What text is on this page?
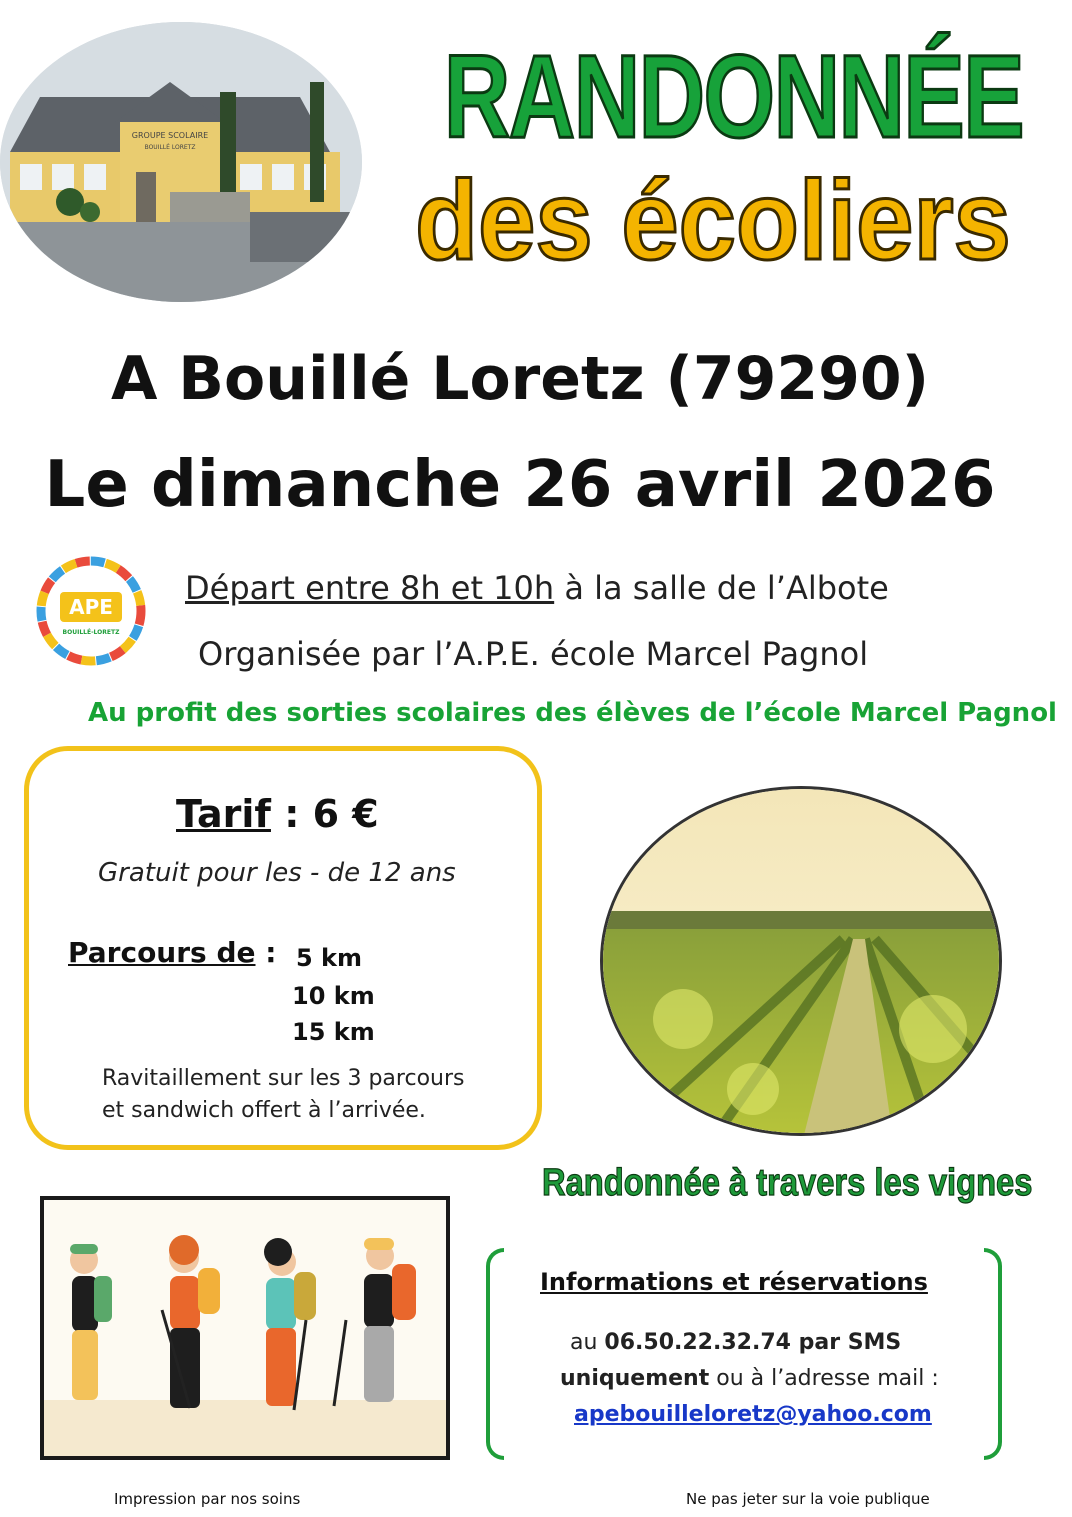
GROUPE SCOLAIRE
BOUILLÉ LORETZ RANDONNÉE
des écoliers
A Bouillé Loretz (79290)
Le dimanche 26 avril 2026
APE
BOUILLÉ-LORETZ
Départ entre 8h et 10h à la salle de l’Albote
Organisée par l’A.P.E. école Marcel Pagnol
Au profit des sorties scolaires des élèves de l’école Marcel Pagnol
Tarif : 6 €
Gratuit pour les - de 12 ans
Parcours de : 5 km
10 km
15 km
Ravitaillement sur les 3 parcours
et sandwich offert à l’arrivée.
Randonnée à travers les vignes
Informations et réservations
au 06.50.22.32.74 par SMS
uniquement ou à l’adresse mail :
apebouilleloretz@yahoo.com
Impression par nos soins	Ne pas jeter sur la voie publique
